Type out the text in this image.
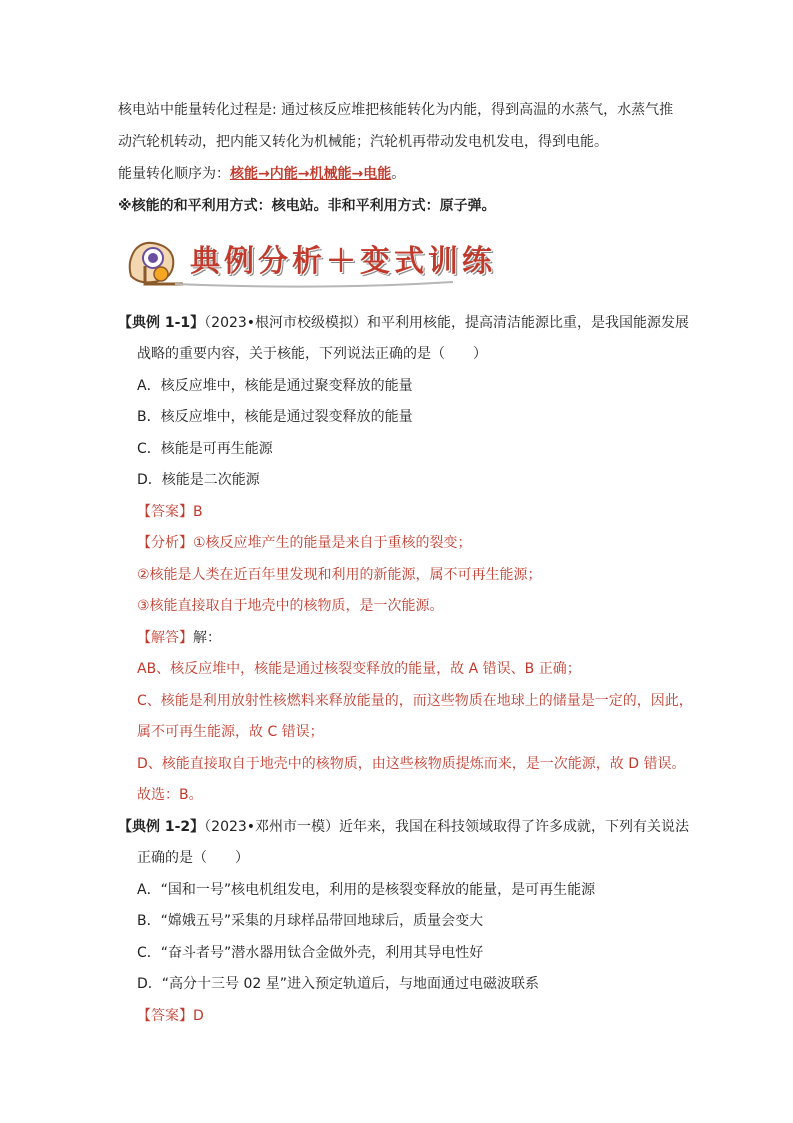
核电站中能量转化过程是: 通过核反应堆把核能转化为内能，得到高温的水蒸气，水蒸气推
动汽轮机转动，把内能又转化为机械能；汽轮机再带动发电机发电，得到电能。
能量转化顺序为：核能→内能→机械能→电能。
※核能的和平利用方式：核电站。非和平利用方式：原子弹。
典例分析＋变式训练
【典例 1-1】（2023•根河市校级模拟）和平利用核能，提高清洁能源比重，是我国能源发展
战略的重要内容，关于核能，下列说法正确的是（　　）
A．核反应堆中，核能是通过聚变释放的能量
B．核反应堆中，核能是通过裂变释放的能量
C．核能是可再生能源
D．核能是二次能源
【答案】B
【分析】①核反应堆产生的能量是来自于重核的裂变；
②核能是人类在近百年里发现和利用的新能源，属不可再生能源；
③核能直接取自于地壳中的核物质，是一次能源。
【解答】解：
AB、核反应堆中，核能是通过核裂变释放的能量，故 A 错误、B 正确；
C、核能是利用放射性核燃料来释放能量的，而这些物质在地球上的储量是一定的，因此，
属不可再生能源，故 C 错误；
D、核能直接取自于地壳中的核物质，由这些核物质提炼而来，是一次能源，故 D 错误。
故选：B。
【典例 1-2】（2023•邓州市一模）近年来，我国在科技领域取得了许多成就，下列有关说法
正确的是（　　）
A．“国和一号”核电机组发电，利用的是核裂变释放的能量，是可再生能源
B．“嫦娥五号”采集的月球样品带回地球后，质量会变大
C．“奋斗者号”潜水器用钛合金做外壳，利用其导电性好
D．“高分十三号 02 星”进入预定轨道后，与地面通过电磁波联系
【答案】D
